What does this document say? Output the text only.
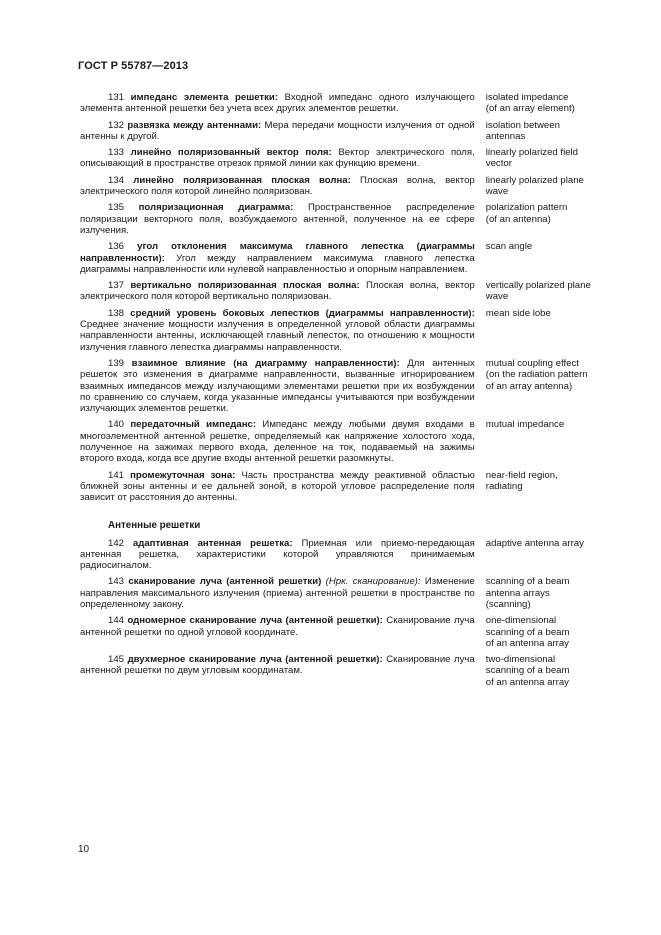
ГОСТ Р 55787—2013
131 импеданс элемента решетки: Входной импеданс одного излучающего элемента антенной решетки без учета всех других элементов решетки.
isolated impedance
(of an array element)
132 развязка между антеннами: Мера передачи мощности излучения от одной антенны к другой.
isolation between
antennas
133 линейно поляризованный вектор поля: Вектор электрического поля, описывающий в пространстве отрезок прямой линии как функцию времени.
linearly polarized field
vector
134 линейно поляризованная плоская волна: Плоская волна, вектор электрического поля которой линейно поляризован.
linearly polarized plane
wave
135 поляризационная диаграмма: Пространственное распределение поляризации векторного поля, возбуждаемого антенной, полученное на ее сфере излучения.
polarization pattern
(of an antenna)
136 угол отклонения максимума главного лепестка (диаграммы направленности): Угол между направлением максимума главного лепестка диаграммы направленности или нулевой направленностью и опорным направлением.
scan angle
137 вертикально поляризованная плоская волна: Плоская волна, вектор электрического поля которой вертикально поляризован.
vertically polarized plane
wave
138 средний уровень боковых лепестков (диаграммы направленности): Среднее значение мощности излучения в определенной угловой области диаграммы направленности антенны, исключающей главный лепесток, по отношению к мощности излучения главного лепестка диаграммы направленности.
mean side lobe
139 взаимное влияние (на диаграмму направленности): Для антенных решеток это изменения в диаграмме направленности, вызванные игнорированием взаимных импедансов между излучающими элементами решетки при их возбуждении по сравнению со случаем, когда указанные импедансы учитываются при возбуждении излучающих элементов решетки.
mutual coupling effect
(on the radiation pattern
of an array antenna)
140 передаточный импеданс: Импеданс между любыми двумя входами в многоэлементной антенной решетке, определяемый как напряжение холостого хода, полученное на зажимах первого входа, деленное на ток, подаваемый на зажимы второго входа, когда все другие входы антенной решетки разомкнуты.
mutual impedance
141 промежуточная зона: Часть пространства между реактивной областью ближней зоны антенны и ее дальней зоной, в которой угловое распределение поля зависит от расстояния до антенны.
near-field region,
radiating
Антенные решетки
142 адаптивная антенная решетка: Приемная или приемо-передающая антенная решетка, характеристики которой управляются принимаемым радиосигналом.
adaptive antenna array
143 сканирование луча (антенной решетки) (Нрк. сканирование): Изменение направления максимального излучения (приема) антенной решетки в пространстве по определенному закону.
scanning of a beam
antenna arrays
(scanning)
144 одномерное сканирование луча (антенной решетки): Сканирование луча антенной решетки по одной угловой координате.
one-dimensional
scanning of a beam
of an antenna array
145 двухмерное сканирование луча (антенной решетки): Сканирование луча антенной решетки по двум угловым координатам.
two-dimensional
scanning of a beam
of an antenna array
10
